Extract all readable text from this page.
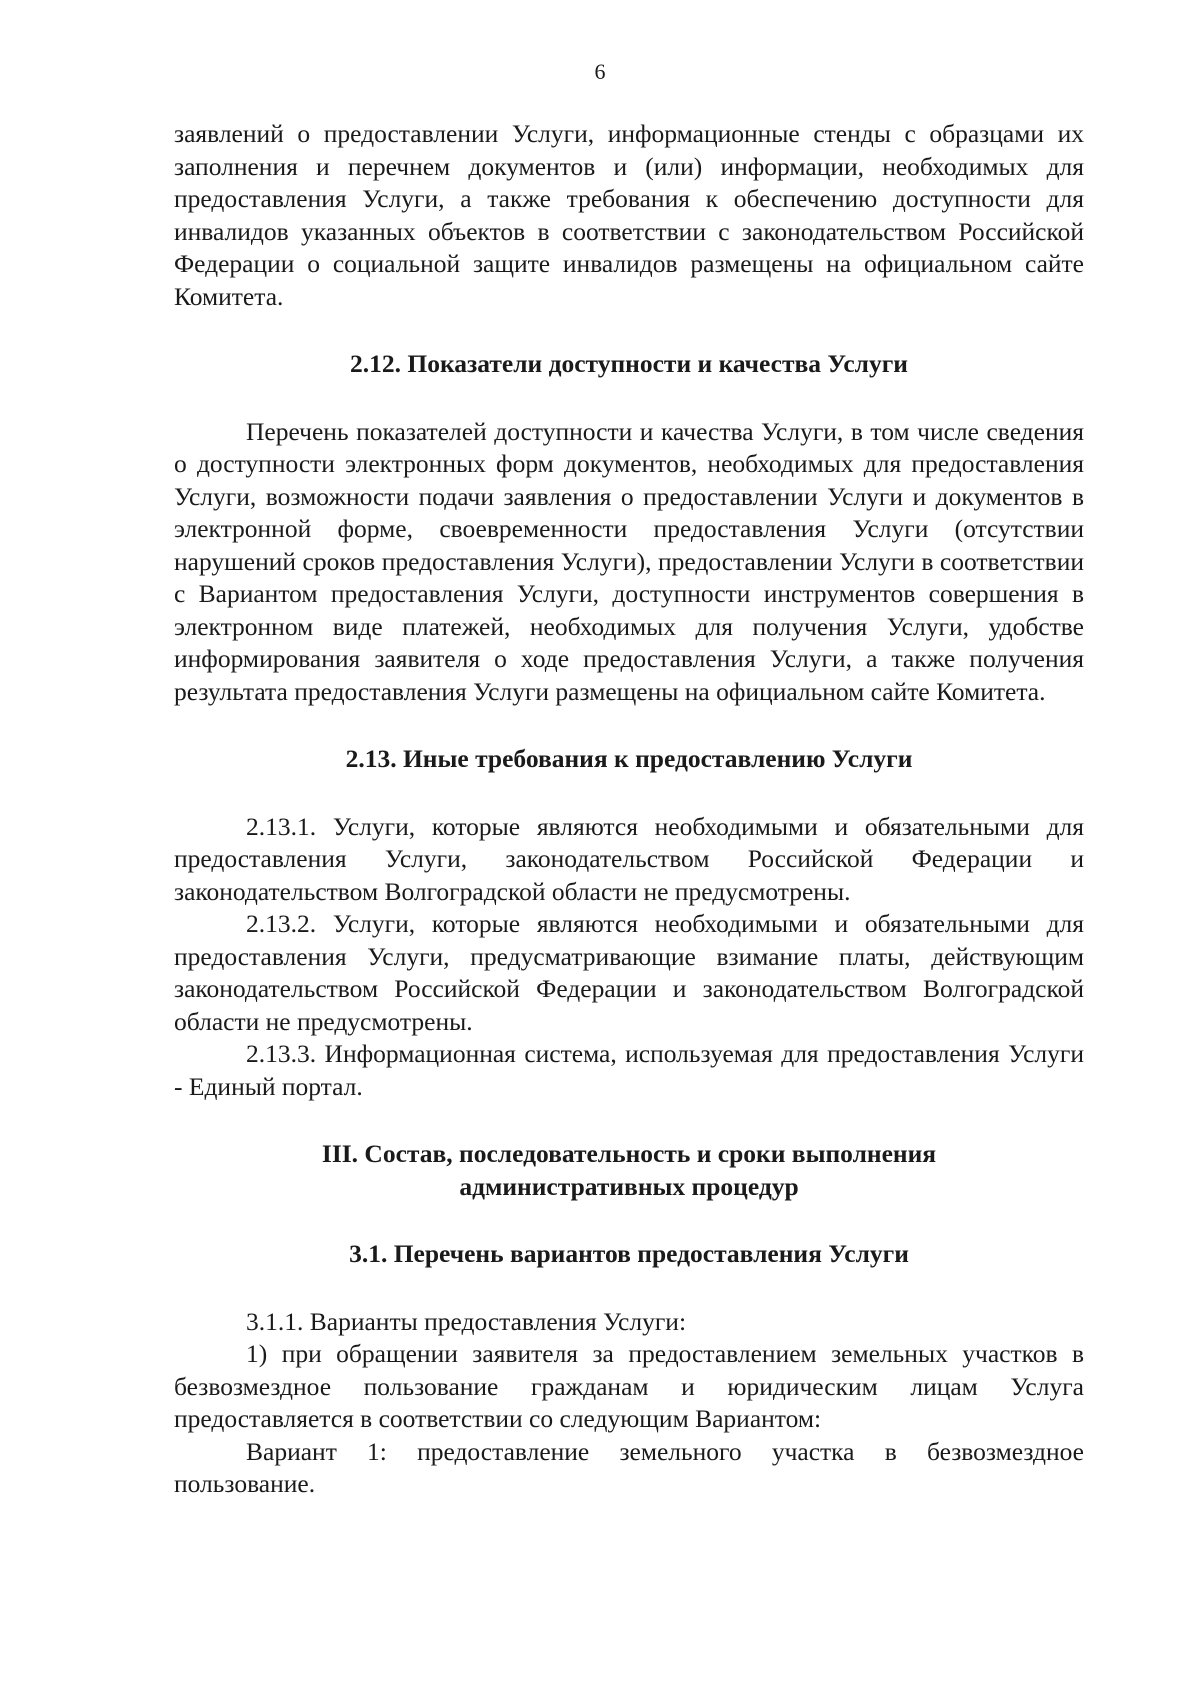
6

заявлений о предоставлении Услуги, информационные стенды с образцами их заполнения и перечнем документов и (или) информации, необходимых для предоставления Услуги, а также требования к обеспечению доступности для инвалидов указанных объектов в соответствии с законодательством Российской Федерации о социальной защите инвалидов размещены на официальном сайте Комитета.

2.12. Показатели доступности и качества Услуги

Перечень показателей доступности и качества Услуги, в том числе сведения о доступности электронных форм документов, необходимых для предоставления Услуги, возможности подачи заявления о предоставлении Услуги и документов в электронной форме, своевременности предоставления Услуги (отсутствии нарушений сроков предоставления Услуги), предоставлении Услуги в соответствии с Вариантом предоставления Услуги, доступности инструментов совершения в электронном виде платежей, необходимых для получения Услуги, удобстве информирования заявителя о ходе предоставления Услуги, а также получения результата предоставления Услуги размещены на официальном сайте Комитета.

2.13. Иные требования к предоставлению Услуги

2.13.1. Услуги, которые являются необходимыми и обязательными для предоставления Услуги, законодательством Российской Федерации и законодательством Волгоградской области не предусмотрены.

2.13.2. Услуги, которые являются необходимыми и обязательными для предоставления Услуги, предусматривающие взимание платы, действующим законодательством Российской Федерации и законодательством Волгоградской области не предусмотрены.

2.13.3. Информационная система, используемая для предоставления Услуги - Единый портал.

III. Состав, последовательность и сроки выполнения административных процедур
3.1. Перечень вариантов предоставления Услуги

3.1.1. Варианты предоставления Услуги:

1) при обращении заявителя за предоставлением земельных участков в безвозмездное пользование гражданам и юридическим лицам Услуга предоставляется в соответствии со следующим Вариантом:

Вариант 1: предоставление земельного участка в безвозмездное пользование.
